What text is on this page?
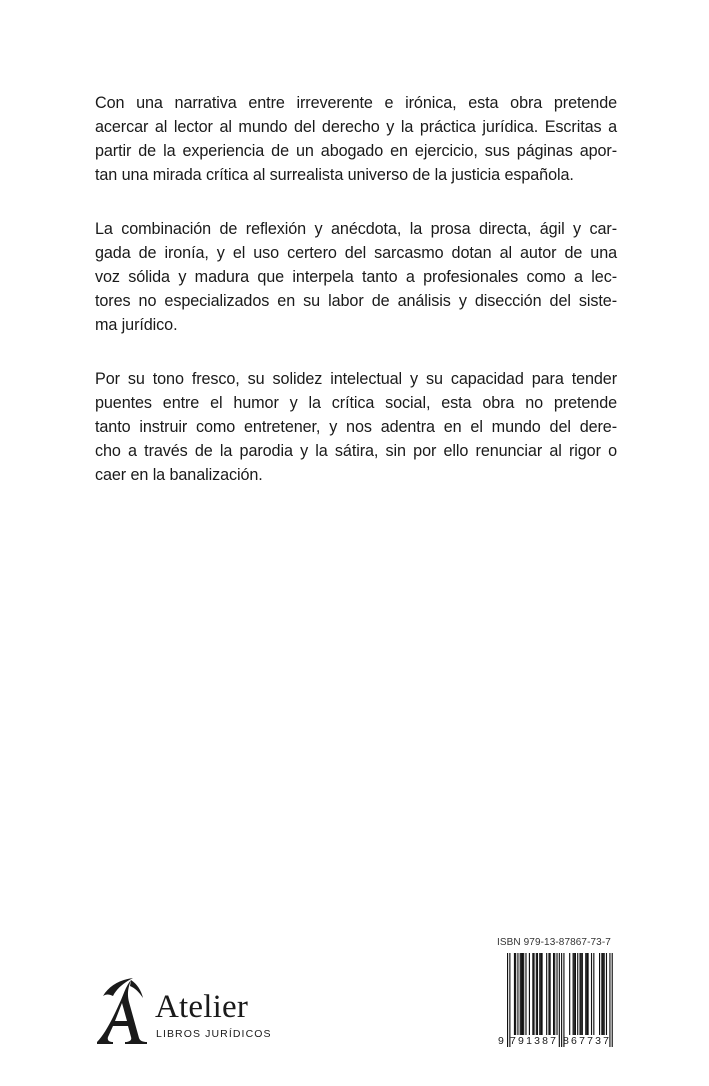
Con una narrativa entre irreverente e irónica, esta obra pretende
acercar al lector al mundo del derecho y la práctica jurídica. Escritas a
partir de la experiencia de un abogado en ejercicio, sus páginas apor-
tan una mirada crítica al surrealista universo de la justicia española.

La combinación de reflexión y anécdota, la prosa directa, ágil y car-
gada de ironía, y el uso certero del sarcasmo dotan al autor de una
voz sólida y madura que interpela tanto a profesionales como a lec-
tores no especializados en su labor de análisis y disección del siste-
ma jurídico.

Por su tono fresco, su solidez intelectual y su capacidad para tender
puentes entre el humor y la crítica social, esta obra no pretende
tanto instruir como entretener, y nos adentra en el mundo del dere-
cho a través de la parodia y la sátira, sin por ello renunciar al rigor o
caer en la banalización.

Atelier
LIBROS JURÍDICOS
ISBN 979-13-87867-73-7
9 791387 867737
